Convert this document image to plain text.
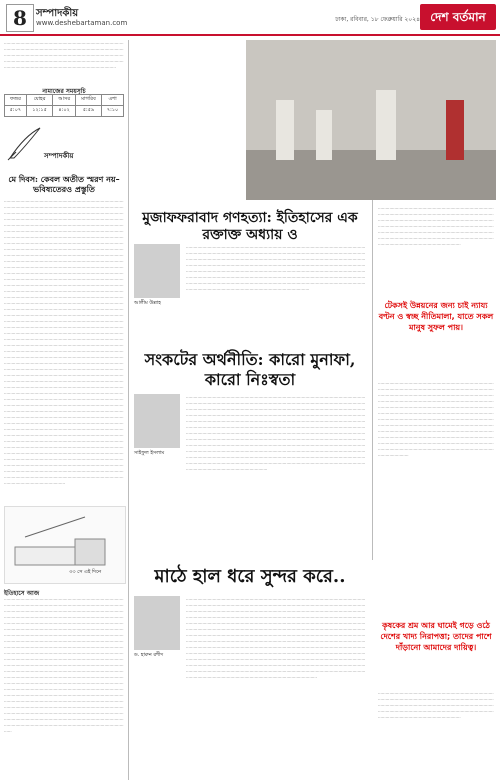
8 সম্পাদকীয়
www.deshebartaman.com	ঢাকা, রবিবার, ১৮ ফেব্রুয়ারি ২০২৪ দেশ বর্তমান
................................................................................................................................................................................................................................................................................................................................................................................................................................................................................
নামাজের সময়সূচি
ফজর	যোহর	আসর	মাগরিব	এশা
৫:০৭	১২:১৫	৪:০২	৫:৫৯	৭:১০
সম্পাদকীয়
মে দিবস: কেবল অতীত স্মরণ নয়–ভবিষ্যতেরও প্রস্তুতি
..................................................................................................................................................................................................................................................................................................................................................................................................................................................................................................................................................................................................................................................................................................................................................................................................................................................................................................................................................................................................................................................................................................................................................................................................................................................................................................................................................................................................................................................................................................................................................................................................................................................................................................................................................................................................................................................................................................................................................................................................................................................................................................................................................................................................................................................................................................................................................................................................................................................................................................................................................................................................................................................................................................................................................................................................................................................................................................................................................................................................................................................................................................................................................................................................................................................................................................................................................................................................................................................................................................................................................................................................................................................................................................................................................................................................................................................................................................................................................................................................................................................................................................................................................................................................................................................................................................................................................................................................................................................................................................................................................................................................................................................
৩৩ সে এই দিনে
ইতিহাসে আজ
..........................................................................................................................................................................................................................................................................................................................................................................................................................................................................................................................................................................................................................................................................................................................................................................................................................................................................................................................................................................................................................................................................................................................................................................................................................................................................................................................................................................................................................................................................................................................................................................................................................................................................................................................................................................................................................................................................................................................................................................................................................................................................................................................................................
মুজাফফরাবাদ গণহত্যা: ইতিহাসের এক রক্তাক্ত অধ্যায় ও
আলীম উল্লাহ
............................................................................................................................................................................................................................................................................................................................................................................................................................................................................................................................................................................................................................................................................................................................................................................................................................................................................................................................................................................................................................................................................................................................
সংকটের অর্থনীতি: কারো মুনাফা, কারো নিঃস্বতা
সাইফুল ইসলাম
............................................................................................................................................................................................................................................................................................................................................................................................................................................................................................................................................................................................................................................................................................................................................................................................................................................................................................................................................................................................................................................................................................................................................................................................................................................................................................................................................................................................................................................................................................................................................................................................................................................................................................................................................................................................................................
টেকসই উন্নয়নের জন্য চাই ন্যায্য বণ্টন ও স্বচ্ছ নীতিমালা, যাতে সকল মানুষ সুফল পায়।
...................................................................................................................................................................................................................................................................................................................................................................................................................................................................................................................................................................................................................................
............................................................................................................................................................................................................................................................................................................................................................................................................................................................................................................................................................................................................................................................................................................................................................................................................................................................................................................................................................................................................................................................................................................................................................
মাঠে হাল ধরে সুন্দর করে..
ড. হারুন রশীদ
................................................................................................................................................................................................................................................................................................................................................................................................................................................................................................................................................................................................................................................................................................................................................................................................................................................................................................................................................................................................................................................................................................................................................................................................................................................................................................................................................................................................................................................................................................................................................................................................................................................................................................................................................................................................................................................................................................................................................................................................................
কৃষকের শ্রম আর ঘামেই গড়ে ওঠে দেশের খাদ্য নিরাপত্তা; তাদের পাশে দাঁড়ানো আমাদের দায়িত্ব।
.............................................................................................................................................................................................................................................................................................................................................................................................................................................
